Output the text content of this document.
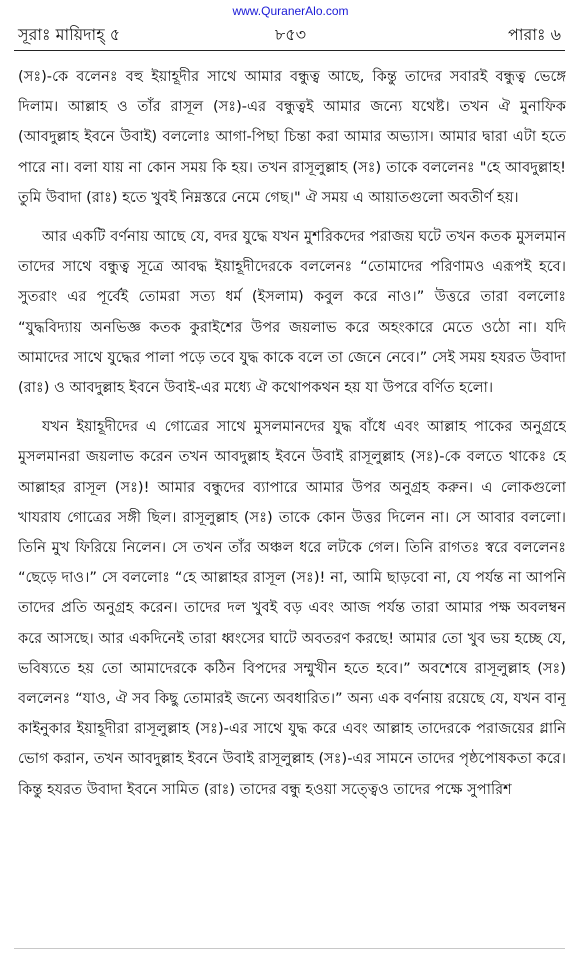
www.QuranerAlo.com
সূরাঃ মায়িদাহ্ ৫	৮৫৩	পারাঃ ৬

(সঃ)-কে বলেনঃ বহু ইয়াহূদীর সাথে আমার বন্ধুত্ব আছে, কিন্তু তাদের সবারই বন্ধুত্ব ভেঙ্গে দিলাম। আল্লাহ ও তাঁর রাসূল (সঃ)-এর বন্ধুত্বই আমার জন্যে যথেষ্ট। তখন ঐ মুনাফিক (আবদুল্লাহ ইবনে উবাই) বললোঃ আগা-পিছা চিন্তা করা আমার অভ্যাস। আমার দ্বারা এটা হতে পারে না। বলা যায় না কোন সময় কি হয়। তখন রাসূলুল্লাহ (সঃ) তাকে বললেনঃ "হে আবদুল্লাহ! তুমি উবাদা (রাঃ) হতে খুবই নিম্নস্তরে নেমে গেছ।" ঐ সময় এ আয়াতগুলো অবতীর্ণ হয়।

আর একটি বর্ণনায় আছে যে, বদর যুদ্ধে যখন মুশরিকদের পরাজয় ঘটে তখন কতক মুসলমান তাদের সাথে বন্ধুত্ব সূত্রে আবদ্ধ ইয়াহূদীদেরকে বললেনঃ “তোমাদের পরিণামও এরূপই হবে। সুতরাং এর পূর্বেই তোমরা সত্য ধর্ম (ইসলাম) কবুল করে নাও।” উত্তরে তারা বললোঃ “যুদ্ধবিদ্যায় অনভিজ্ঞ কতক কুরাইশের উপর জয়লাভ করে অহংকারে মেতে ওঠো না। যদি আমাদের সাথে যুদ্ধের পালা পড়ে তবে যুদ্ধ কাকে বলে তা জেনে নেবে।” সেই সময় হযরত উবাদা (রাঃ) ও আবদুল্লাহ ইবনে উবাই-এর মধ্যে ঐ কথোপকথন হয় যা উপরে বর্ণিত হলো।

যখন ইয়াহূদীদের এ গোত্রের সাথে মুসলমানদের যুদ্ধ বাঁধে এবং আল্লাহ পাকের অনুগ্রহে মুসলমানরা জয়লাভ করেন তখন আবদুল্লাহ ইবনে উবাই রাসূলুল্লাহ (সঃ)-কে বলতে থাকেঃ হে আল্লাহর রাসূল (সঃ)! আমার বন্ধুদের ব্যাপারে আমার উপর অনুগ্রহ করুন। এ লোকগুলো খাযরায গোত্রের সঙ্গী ছিল। রাসূলুল্লাহ (সঃ) তাকে কোন উত্তর দিলেন না। সে আবার বললো। তিনি মুখ ফিরিয়ে নিলেন। সে তখন তাঁর অঞ্চল ধরে লটকে গেল। তিনি রাগতঃ স্বরে বললেনঃ “ছেড়ে দাও।” সে বললোঃ “হে আল্লাহর রাসূল (সঃ)! না, আমি ছাড়বো না, যে পর্যন্ত না আপনি তাদের প্রতি অনুগ্রহ করেন। তাদের দল খুবই বড় এবং আজ পর্যন্ত তারা আমার পক্ষ অবলম্বন করে আসছে। আর একদিনেই তারা ধ্বংসের ঘাটে অবতরণ করছে! আমার তো খুব ভয় হচ্ছে যে, ভবিষ্যতে হয় তো আমাদেরকে কঠিন বিপদের সম্মুখীন হতে হবে।” অবশেষে রাসূলুল্লাহ (সঃ) বললেনঃ “যাও, ঐ সব কিছু তোমারই জন্যে অবধারিত।” অন্য এক বর্ণনায় রয়েছে যে, যখন বানূ কাইনুকার ইয়াহূদীরা রাসূলুল্লাহ (সঃ)-এর সাথে যুদ্ধ করে এবং আল্লাহ তাদেরকে পরাজয়ের গ্লানি ভোগ করান, তখন আবদুল্লাহ ইবনে উবাই রাসূলুল্লাহ (সঃ)-এর সামনে তাদের পৃষ্ঠপোষকতা করে। কিন্তু হযরত উবাদা ইবনে সামিত (রাঃ) তাদের বন্ধু হওয়া সত্ত্বেও তাদের পক্ষে সুপারিশ
